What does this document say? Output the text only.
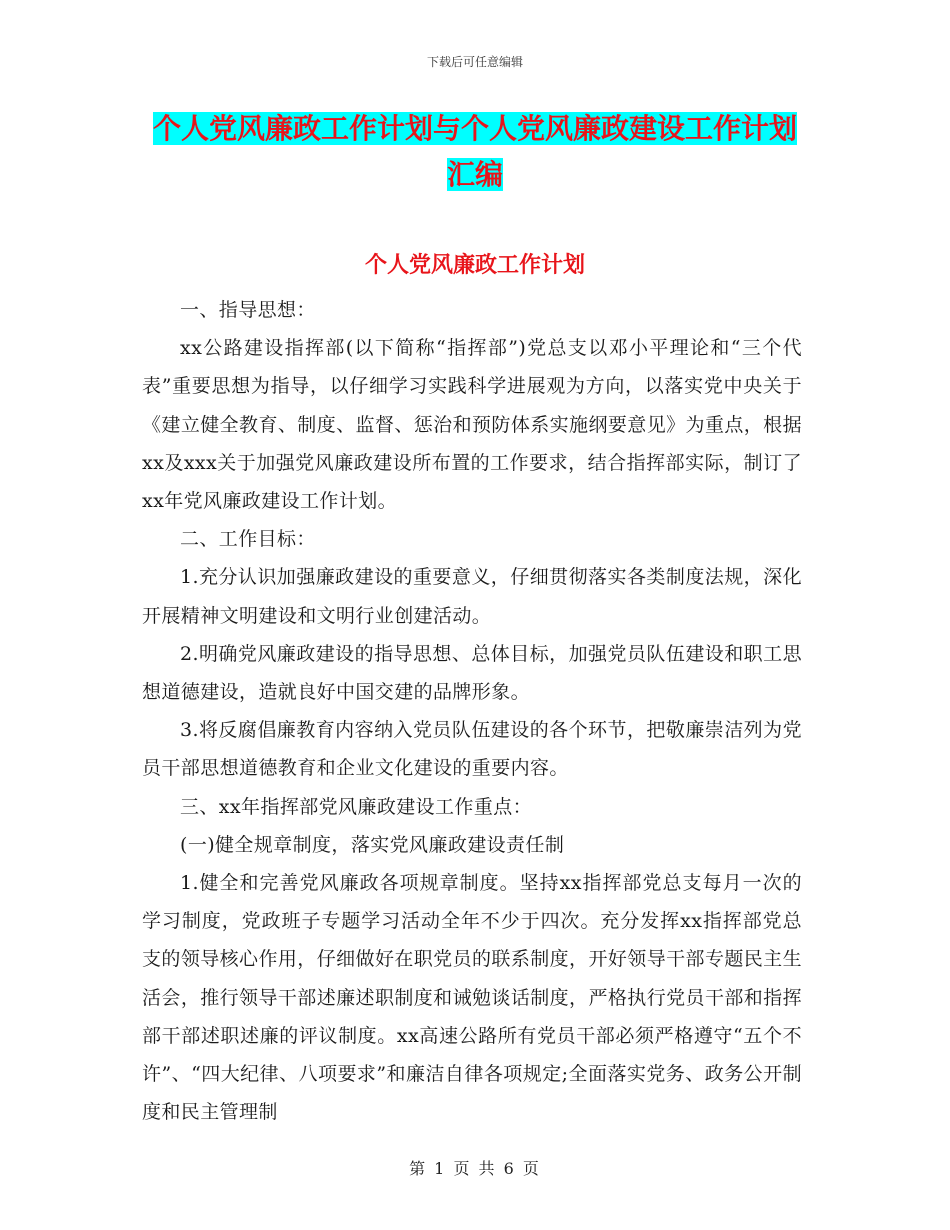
下载后可任意编辑
个人党风廉政工作计划与个人党风廉政建设工作计划
汇编
个人党风廉政工作计划

一、指导思想：

xx公路建设指挥部(以下简称“指挥部”)党总支以邓小平理论和“三个代表”重要思想为指导，以仔细学习实践科学进展观为方向，以落实党中央关于《建立健全教育、制度、监督、惩治和预防体系实施纲要意见》为重点，根据xx及xxx关于加强党风廉政建设所布置的工作要求，结合指挥部实际，制订了xx年党风廉政建设工作计划。

二、工作目标：

1.充分认识加强廉政建设的重要意义，仔细贯彻落实各类制度法规，深化开展精神文明建设和文明行业创建活动。

2.明确党风廉政建设的指导思想、总体目标，加强党员队伍建设和职工思想道德建设，造就良好中国交建的品牌形象。

3.将反腐倡廉教育内容纳入党员队伍建设的各个环节，把敬廉崇洁列为党员干部思想道德教育和企业文化建设的重要内容。

三、xx年指挥部党风廉政建设工作重点：

(一)健全规章制度，落实党风廉政建设责任制

1.健全和完善党风廉政各项规章制度。坚持xx指挥部党总支每月一次的学习制度，党政班子专题学习活动全年不少于四次。充分发挥xx指挥部党总支的领导核心作用，仔细做好在职党员的联系制度，开好领导干部专题民主生活会，推行领导干部述廉述职制度和诫勉谈话制度，严格执行党员干部和指挥部干部述职述廉的评议制度。xx高速公路所有党员干部必须严格遵守“五个不许”、“四大纪律、八项要求”和廉洁自律各项规定;全面落实党务、政务公开制度和民主管理制

第 1 页 共 6 页
